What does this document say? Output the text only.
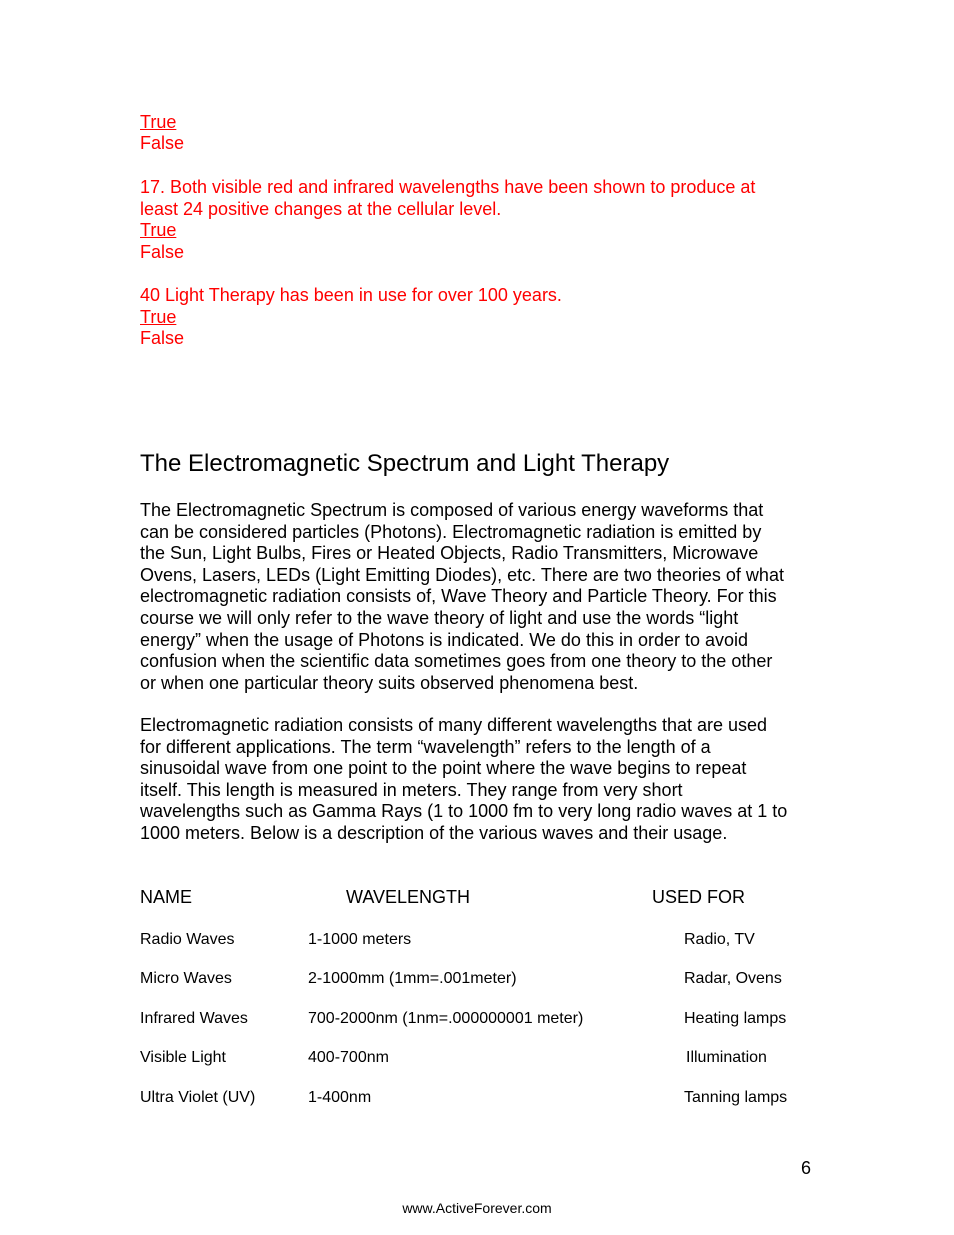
True
False
17. Both visible red and infrared wavelengths have been shown to produce at
least 24 positive changes at the cellular level.
True
False
40 Light Therapy has been in use for over 100 years.
True
False
The Electromagnetic Spectrum and Light Therapy
The Electromagnetic Spectrum is composed of various energy waveforms that
can be considered particles (Photons). Electromagnetic radiation is emitted by
the Sun, Light Bulbs, Fires or Heated Objects, Radio Transmitters, Microwave
Ovens, Lasers, LEDs (Light Emitting Diodes), etc. There are two theories of what
electromagnetic radiation consists of, Wave Theory and Particle Theory. For this
course we will only refer to the wave theory of light and use the words “light
energy” when the usage of Photons is indicated. We do this in order to avoid
confusion when the scientific data sometimes goes from one theory to the other
or when one particular theory suits observed phenomena best.
Electromagnetic radiation consists of many different wavelengths that are used
for different applications. The term “wavelength” refers to the length of a
sinusoidal wave from one point to the point where the wave begins to repeat
itself. This length is measured in meters. They range from very short
wavelengths such as Gamma Rays (1 to 1000 fm to very long radio waves at 1 to
1000 meters. Below is a description of the various waves and their usage.
NAME	WAVELENGTH	USED FOR
Radio Waves	1-1000 meters	Radio, TV
Micro Waves	2-1000mm (1mm=.001meter)	Radar, Ovens
Infrared Waves	700-2000nm (1nm=.000000001 meter)	Heating lamps
Visible Light	400-700nm	Illumination
Ultra Violet (UV)	1-400nm	Tanning lamps
6
www.ActiveForever.com
